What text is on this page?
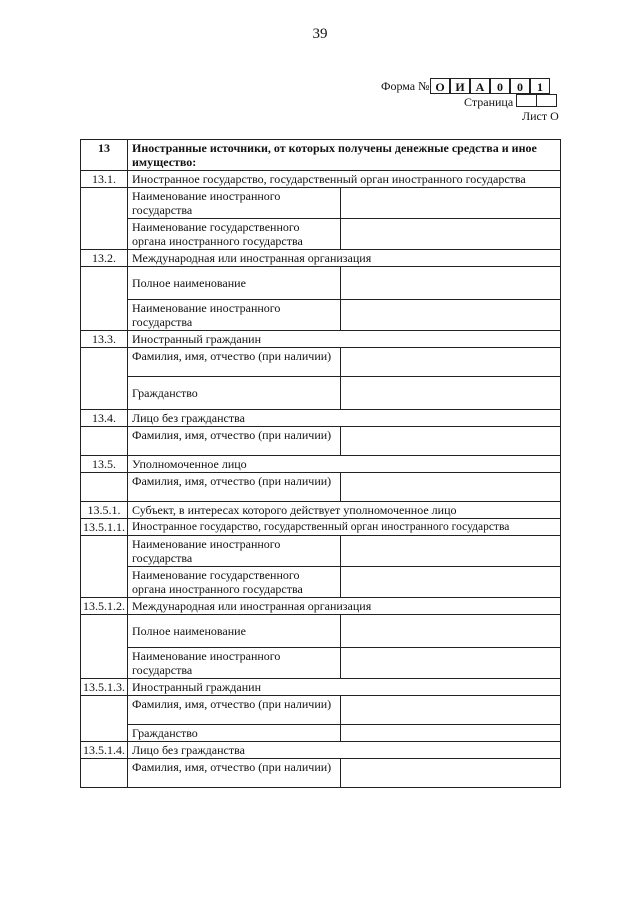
39
Форма № О И А	0	0	1
Страница
Лист О
13	Иностранные источники, от которых получены денежные средства и иное имущество:	
13.1.	Иностранное государство, государственный орган иностранного государства	
	Наименование иностранного государства	
	Наименование государственного органа иностранного государства	
13.2.	Международная или иностранная организация	
	Полное наименование	
	Наименование иностранного государства	
13.3.	Иностранный гражданин	
	Фамилия, имя, отчество (при наличии)	
	Гражданство	
13.4.	Лицо без гражданства	
	Фамилия, имя, отчество (при наличии)	
13.5.	Уполномоченное лицо	
	Фамилия, имя, отчество (при наличии)	
13.5.1.	Субъект, в интересах которого действует уполномоченное лицо	
13.5.1.1.	Иностранное государство, государственный орган иностранного государства	
	Наименование иностранного государства	
	Наименование государственного органа иностранного государства	
13.5.1.2.	Международная или иностранная организация	
	Полное наименование	
	Наименование иностранного государства	
13.5.1.3.	Иностранный гражданин	
	Фамилия, имя, отчество (при наличии)	
	Гражданство	
13.5.1.4.	Лицо без гражданства	
	Фамилия, имя, отчество (при наличии)	
